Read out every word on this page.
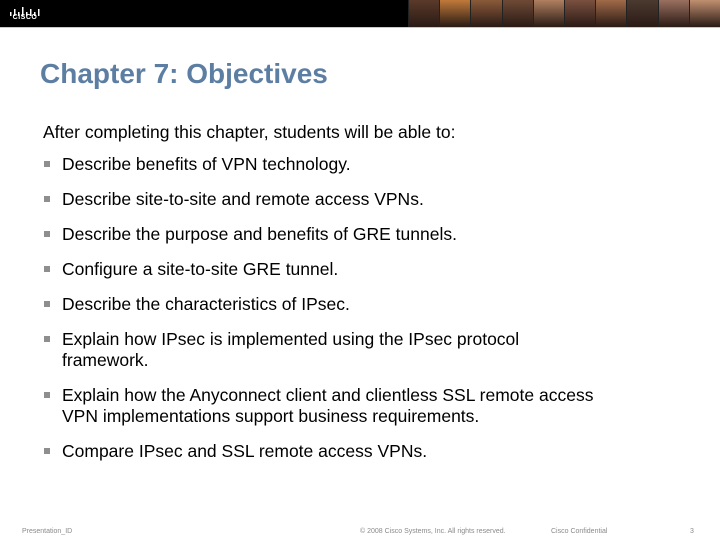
CISCO
Chapter 7: Objectives
After completing this chapter, students will be able to:
Describe benefits of VPN technology.
Describe site-to-site and remote access VPNs.
Describe the purpose and benefits of GRE tunnels.
Configure a site-to-site GRE tunnel.
Describe the characteristics of IPsec.
Explain how IPsec is implemented using the IPsec protocol framework.
Explain how the Anyconnect client and clientless SSL remote access VPN implementations support business requirements.
Compare IPsec and SSL remote access VPNs.
Presentation_ID	© 2008 Cisco Systems, Inc. All rights reserved.	Cisco Confidential	3
